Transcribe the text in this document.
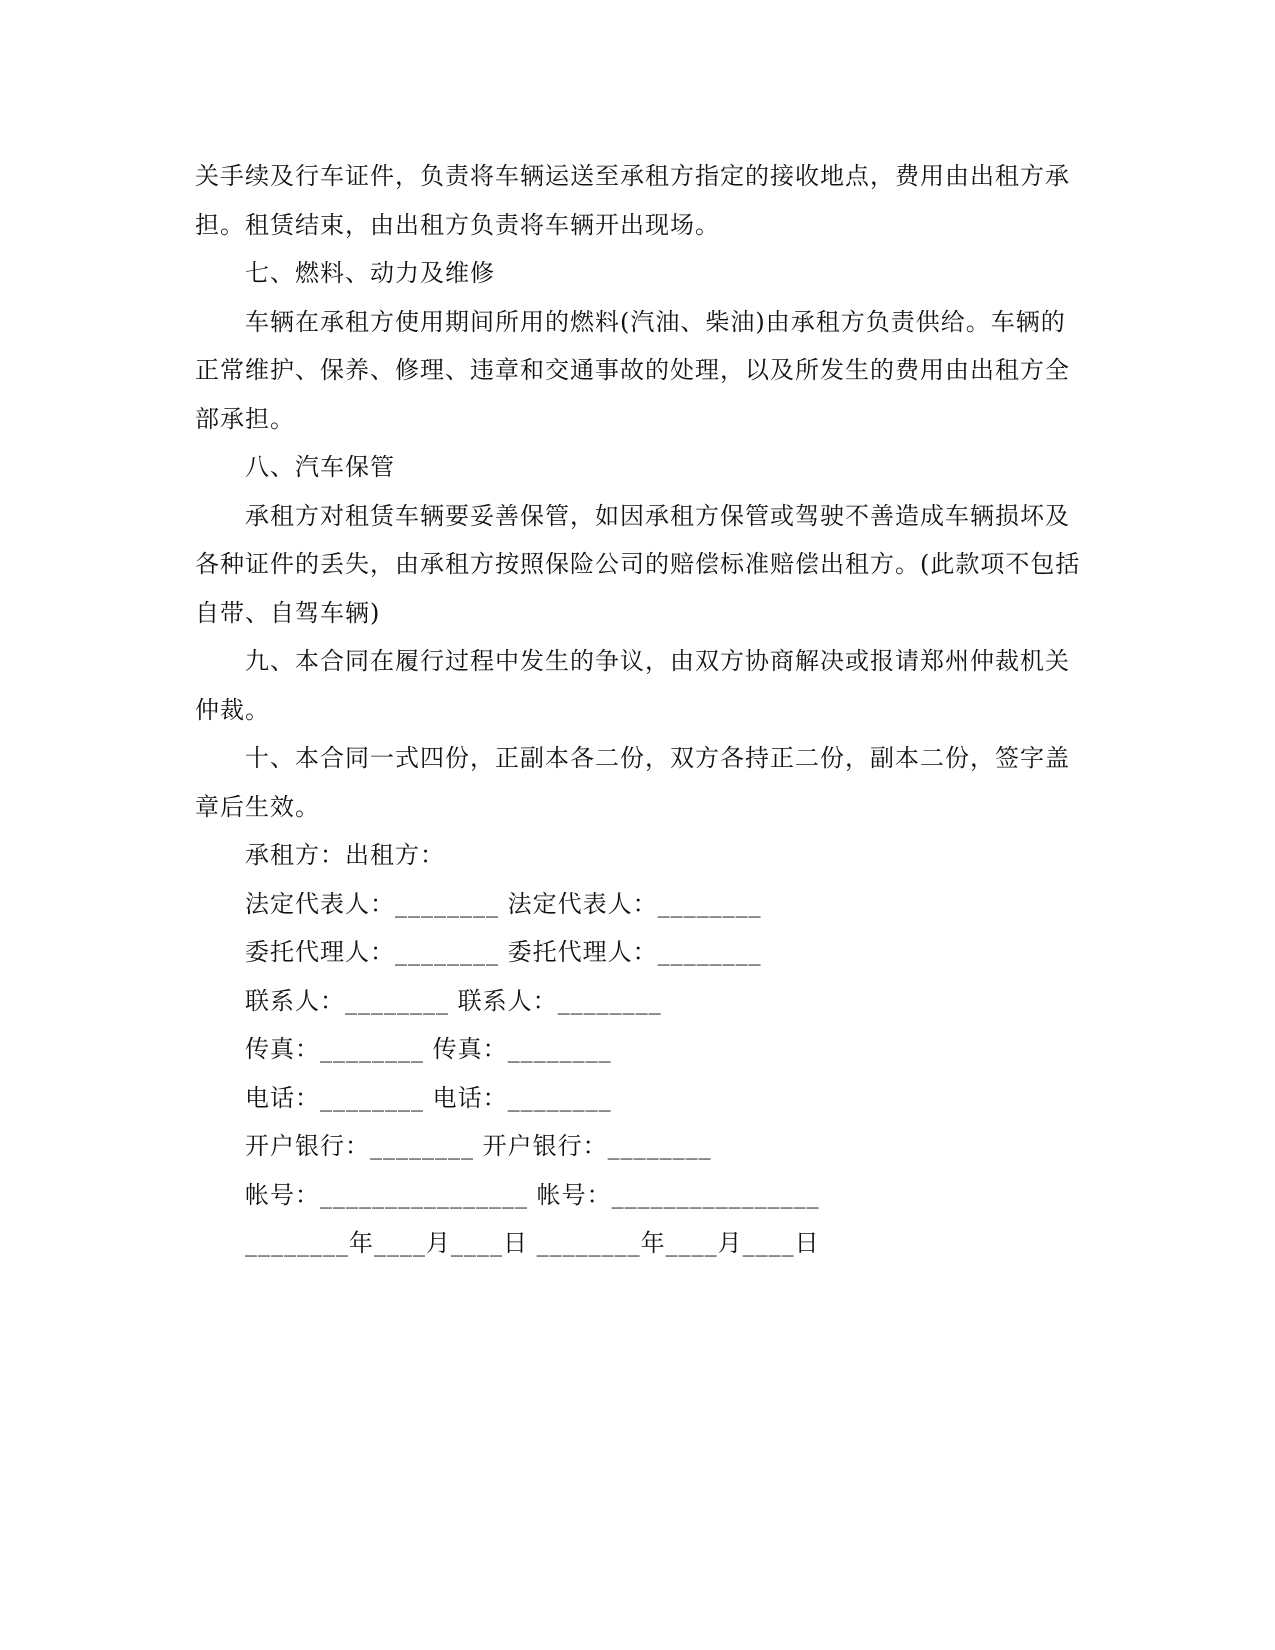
关手续及行车证件，负责将车辆运送至承租方指定的接收地点，费用由出租方承
担。租赁结束，由出租方负责将车辆开出现场。
七、燃料、动力及维修
车辆在承租方使用期间所用的燃料(汽油、柴油)由承租方负责供给。车辆的
正常维护、保养、修理、违章和交通事故的处理，以及所发生的费用由出租方全
部承担。
八、汽车保管
承租方对租赁车辆要妥善保管，如因承租方保管或驾驶不善造成车辆损坏及
各种证件的丢失，由承租方按照保险公司的赔偿标准赔偿出租方。(此款项不包括
自带、自驾车辆)
九、本合同在履行过程中发生的争议，由双方协商解决或报请郑州仲裁机关
仲裁。
十、本合同一式四份，正副本各二份，双方各持正二份，副本二份，签字盖
章后生效。
承租方：出租方：
法定代表人：________ 法定代表人：________
委托代理人：________ 委托代理人：________
联系人：________ 联系人：________
传真：________ 传真：________
电话：________ 电话：________
开户银行：________ 开户银行：________
帐号：________________ 帐号：________________
________年____月____日 ________年____月____日
